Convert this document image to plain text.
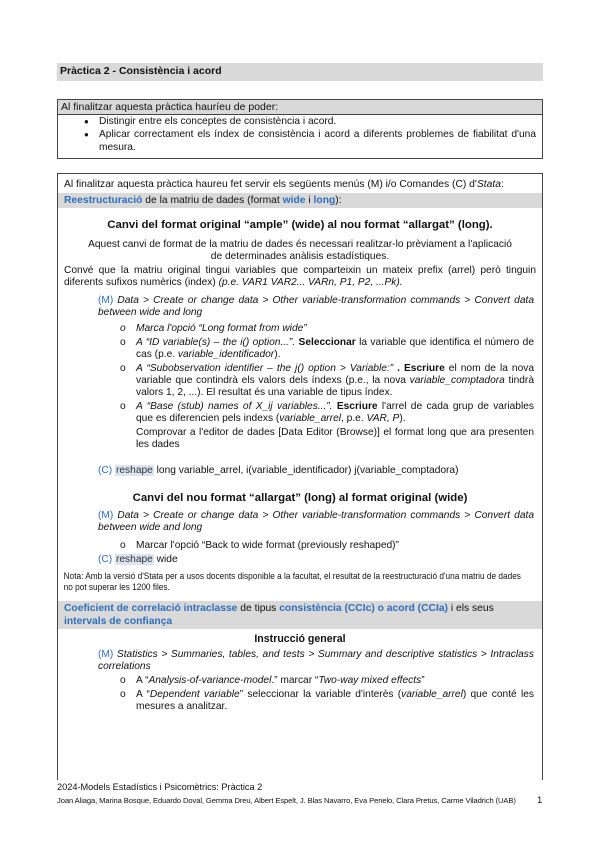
Pràctica 2 - Consistència i acord
Al finalitzar aquesta pràctica hauríeu de poder:
● Distingir entre els conceptes de consistència i acord.
● Aplicar correctament els índex de consistència i acord a diferents problemes de fiabilitat d'una mesura.
Al finalitzar aquesta pràctica haureu fet servir els següents menús (M) i/o Comandes (C) d'Stata:
Reestructuració de la matriu de dades (format wide i long):
Canvi del format original “ample” (wide) al nou format “allargat” (long).
Aquest canvi de format de la matriu de dades és necessari realitzar-lo prèviament a l'aplicació de determinades anàlisis estadístiques.
Convé que la matriu original tingui variables que comparteixin un mateix prefix (arrel) però tinguin diferents sufixos numèrics (index) (p.e. VAR1 VAR2... VARn, P1, P2, ...Pk).
(M) Data > Create or change data > Other variable-transformation commands > Convert data between wide and long
o Marca l'opció “Long format from wide”
o A “ID variable(s) – the i() option...”. Seleccionar la variable que identifica el número de cas (p.e. variable_identificador).
o A “Subobservation identifier – the j() option > Variable:” . Escriure el nom de la nova variable que contindrà els valors dels índexs (p.e., la nova variable_comptadora tindrà valors 1, 2, ...). El resultat és una variable de tipus índex.
o A “Base (stub) names of X_ij variables...”. Escriure l'arrel de cada grup de variables que es diferencien pels indexs (variable_arrel, p.e. VAR, P).
Comprovar a l'editor de dades [Data Editor (Browse)] el format long que ara presenten les dades
(C) reshape long variable_arrel, i(variable_identificador) j(variable_comptadora)
Canvi del nou format “allargat” (long) al format original (wide)
(M) Data > Create or change data > Other variable-transformation commands > Convert data between wide and long
o Marcar l'opció “Back to wide format (previously reshaped)”
(C) reshape wide
Nota: Amb la versió d'Stata per a usos docents disponible a la facultat, el resultat de la reestructuració d'una matriu de dades no pot superar les 1200 files.
Coeficient de correlació intraclasse de tipus consistència (CCIc) o acord (CCIa) i els seus intervals de confiança
Instrucció general
(M) Statistics > Summaries, tables, and tests > Summary and descriptive statistics > Intraclass correlations
o A “Analysis-of-variance-model.” marcar “Two-way mixed effects”
o A “Dependent variable” seleccionar la variable d'interès (variable_arrel) que conté les mesures a analitzar.
2024-Models Estadístics i Psicomètrics: Pràctica 2
Joan Aliaga, Marina Bosque, Eduardo Doval, Gemma Dreu, Albert Espelt, J. Blas Navarro, Eva Penelo, Clara Pretus, Carme Viladrich (UAB) 1
